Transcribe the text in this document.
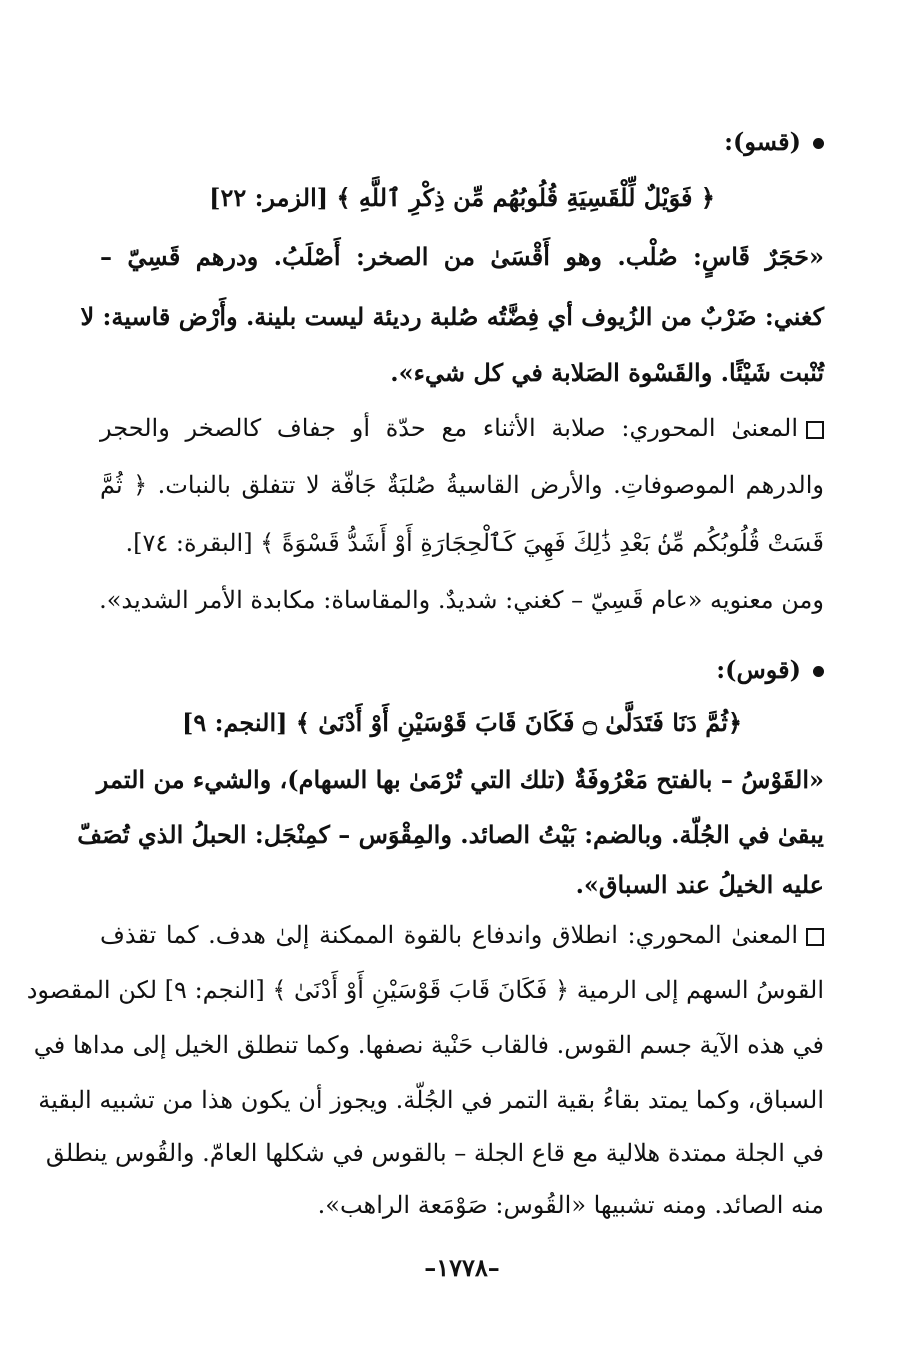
(قسو):
﴿ فَوَيْلٌ لِّلْقَسِيَةِ قُلُوبُهُم مِّن ذِكْرِ ٱللَّهِ ﴾ [الزمر: ٢٢]
«حَجَرٌ قَاسٍ: صُلْب. وهو أَقْسَىٰ من الصخر: أَصْلَبُ. ودرهم قَسِيّ –
كغني: ضَرْبٌ من الزُيوف أي فِضَّتُه صُلبة رديئة ليست بلينة. وأَرْض قاسية: لا
تُنْبت شَيْئًا. والقَسْوة الصَلابة في كل شيء».
المعنىٰ المحوري: صلابة الأثناء مع حدّة أو جفاف كالصخر والحجر
والدرهم الموصوفاتِ. والأرض القاسيةُ صُلبَةٌ جَافّة لا تتفلق بالنبات. ﴿ ثُمَّ
قَسَتْ قُلُوبُكُم مِّنۢ بَعْدِ ذَٰلِكَ فَهِيَ كَٱلْحِجَارَةِ أَوْ أَشَدُّ قَسْوَةً ﴾ [البقرة: ٧٤].
ومن معنويه «عام قَسِيّ – كغني: شديدٌ. والمقاساة: مكابدة الأمر الشديد».
(قوس):
﴿ثُمَّ دَنَا فَتَدَلَّىٰ ۝ فَكَانَ قَابَ قَوْسَيْنِ أَوْ أَدْنَىٰ ﴾ [النجم: ٩]
«القَوْسُ – بالفتح مَعْرُوفَةٌ (تلك التي تُرْمَىٰ بها السهام)، والشيء من التمر
يبقىٰ في الجُلّة. وبالضم: بَيْتُ الصائد. والمِقْوَس – كمِنْجَل: الحبلُ الذي تُصَفّ
عليه الخيلُ عند السباق».
المعنىٰ المحوري: انطلاق واندفاع بالقوة الممكنة إلىٰ هدف. كما تقذف
القوسُ السهم إلى الرمية ﴿ فَكَانَ قَابَ قَوْسَيْنِ أَوْ أَدْنَىٰ ﴾ [النجم: ٩] لكن المقصود
في هذه الآية جسم القوس. فالقاب حَنْية نصفها. وكما تنطلق الخيل إلى مداها في
السباق، وكما يمتد بقاءُ بقية التمر في الجُلّة. ويجوز أن يكون هذا من تشبيه البقية
في الجلة ممتدة هلالية مع قاع الجلة – بالقوس في شكلها العامّ. والقُوس ينطلق
منه الصائد. ومنه تشبيها «القُوس: صَوْمَعة الراهب».
–١٧٧٨–
